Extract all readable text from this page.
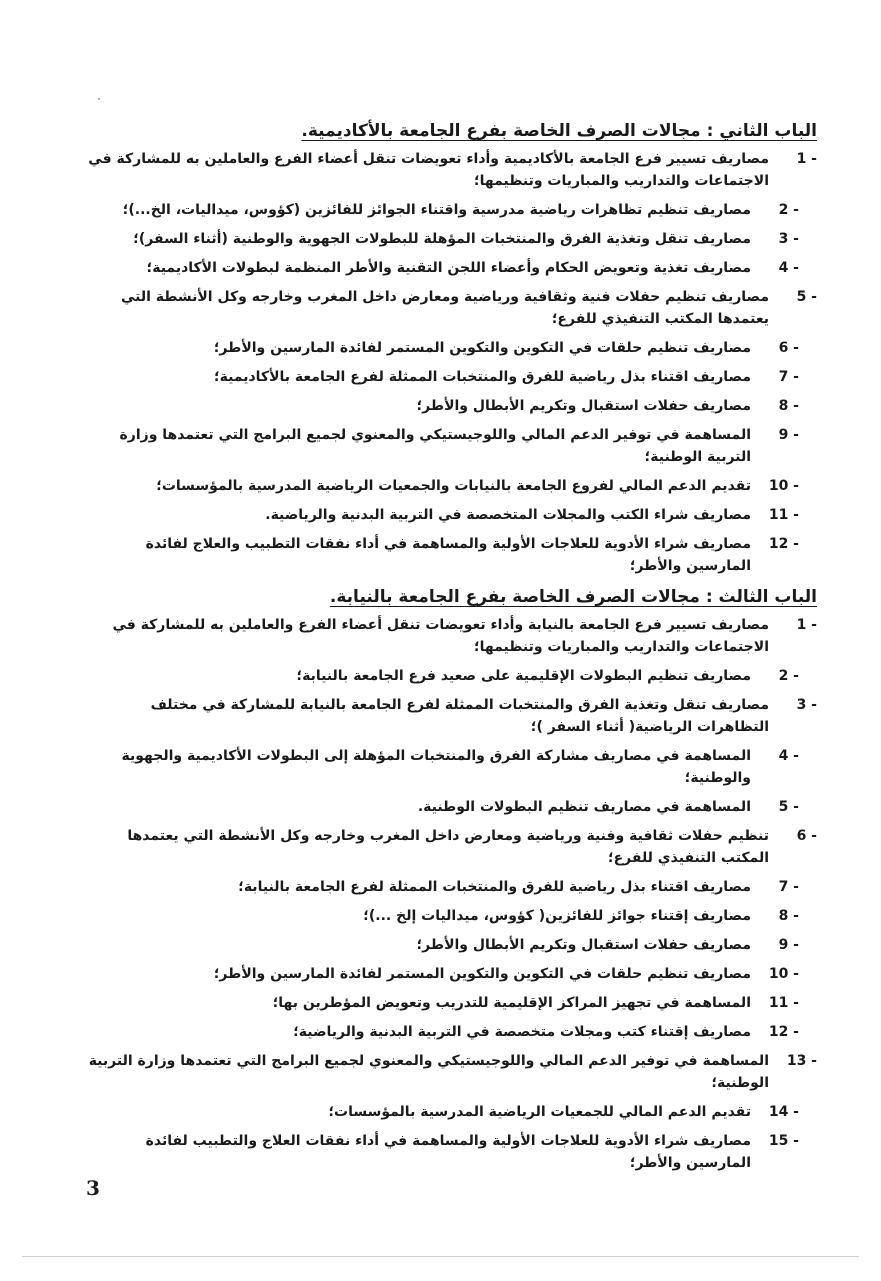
الباب الثاني : مجالات الصرف الخاصة بفرع الجامعة بالأكاديمية.
1 -
مصاريف تسيير فرع الجامعة بالأكاديمية وأداء تعويضات تنقل أعضاء الفرع والعاملين به للمشاركة في الاجتماعات والتداريب والمباريات وتنظيمها؛
2 -
مصاريف تنظيم تظاهرات رياضية مدرسية واقتناء الجوائز للفائزين (كؤوس، ميداليات، الخ...)؛
3 -
مصاريف تنقل وتغذية الفرق والمنتخبات المؤهلة للبطولات الجهوية والوطنية (أثناء السفر)؛
4 -
مصاريف تغذية وتعويض الحكام وأعضاء اللجن التقنية والأطر المنظمة لبطولات الأكاديمية؛
5 -
مصاريف تنظيم حفلات فنية وثقافية ورياضية ومعارض داخل المغرب وخارجه وكل الأنشطة التي يعتمدها المكتب التنفيذي للفرع؛
6 -
مصاريف تنظيم حلقات في التكوين والتكوين المستمر لفائدة المارسين والأطر؛
7 -
مصاريف اقتناء بذل رياضية للفرق والمنتخبات الممثلة لفرع الجامعة بالأكاديمية؛
8 -
مصاريف حفلات استقبال وتكريم الأبطال والأطر؛
9 -
المساهمة في توفير الدعم المالي واللوجيستيكي والمعنوي لجميع البرامج التي تعتمدها وزارة التربية الوطنية؛
10 -
تقديم الدعم المالي لفروع الجامعة بالنيابات والجمعيات الرياضية المدرسية بالمؤسسات؛
11 -
مصاريف شراء الكتب والمجلات المتخصصة في التربية البدنية والرياضية.
12 -
مصاريف شراء الأدوية للعلاجات الأولية والمساهمة في أداء نفقات التطبيب والعلاج لفائدة المارسين والأطر؛
الباب الثالث : مجالات الصرف الخاصة بفرع الجامعة بالنيابة.
1 -
مصاريف تسيير فرع الجامعة بالنيابة وأداء تعويضات تنقل أعضاء الفرع والعاملين به للمشاركة في الاجتماعات والتداريب والمباريات وتنظيمها؛
2 -
مصاريف تنظيم البطولات الإقليمية على صعيد فرع الجامعة بالنيابة؛
3 -
مصاريف تنقل وتغذية الفرق والمنتخبات الممثلة لفرع الجامعة بالنيابة للمشاركة في مختلف التظاهرات الرياضية( أثناء السفر )؛
4 -
المساهمة في مصاريف مشاركة الفرق والمنتخبات المؤهلة إلى البطولات الأكاديمية والجهوية والوطنية؛
5 -
المساهمة في مصاريف تنظيم البطولات الوطنية.
6 -
تنظيم حفلات ثقافية وفنية ورياضية ومعارض داخل المغرب وخارجه وكل الأنشطة التي يعتمدها المكتب التنفيذي للفرع؛
7 -
مصاريف اقتناء بذل رياضية للفرق والمنتخبات الممثلة لفرع الجامعة بالنيابة؛
8 -
مصاريف إقتناء جوائز للفائزين( كؤوس، ميداليات إلخ ...)؛
9 -
مصاريف حفلات استقبال وتكريم الأبطال والأطر؛
10 -
مصاريف تنظيم حلقات في التكوين والتكوين المستمر لفائدة المارسين والأطر؛
11 -
المساهمة في تجهيز المراكز الإقليمية للتدريب وتعويض المؤطرين بها؛
12 -
مصاريف إقتناء كتب ومجلات متخصصة في التربية البدنية والرياضية؛
13 -
المساهمة في توفير الدعم المالي واللوجيستيكي والمعنوي لجميع البرامج التي تعتمدها وزارة التربية الوطنية؛
14 -
تقديم الدعم المالي للجمعيات الرياضية المدرسية بالمؤسسات؛
15 -
مصاريف شراء الأدوية للعلاجات الأولية والمساهمة في أداء نفقات العلاج والتطبيب لفائدة المارسين والأطر؛
3
